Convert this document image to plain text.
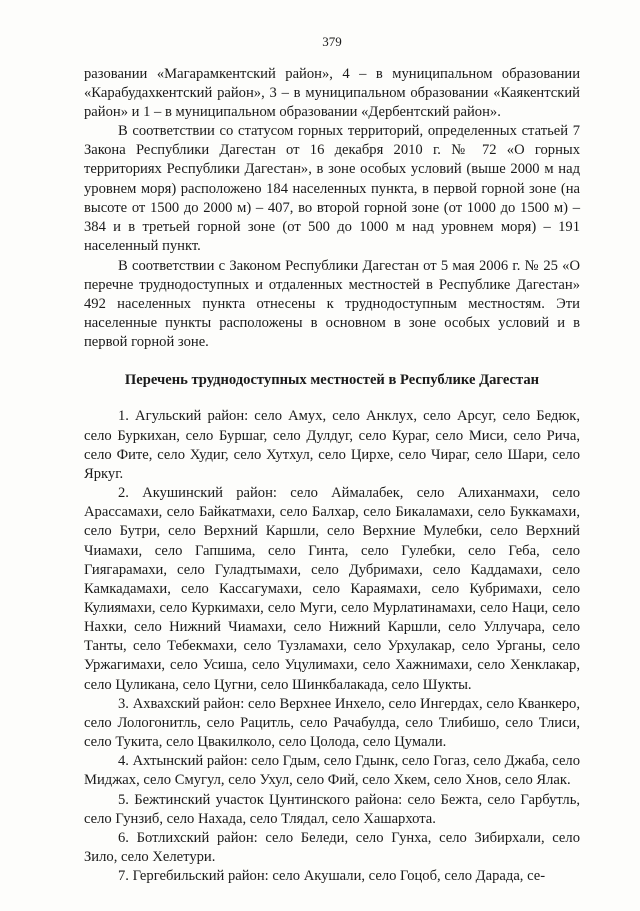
379

разовании «Магарамкентский район», 4 – в муниципальном образовании «Карабудахкентский район», 3 – в муниципальном образовании «Каякентский район» и 1 – в муниципальном образовании «Дербентский район».

В соответствии со статусом горных территорий, определенных статьей 7 Закона Республики Дагестан от 16 декабря 2010 г. № 72 «О горных территориях Республики Дагестан», в зоне особых условий (выше 2000 м над уровнем моря) расположено 184 населенных пункта, в первой горной зоне (на высоте от 1500 до 2000 м) – 407, во второй горной зоне (от 1000 до 1500 м) – 384 и в третьей горной зоне (от 500 до 1000 м над уровнем моря) – 191 населенный пункт.

В соответствии с Законом Республики Дагестан от 5 мая 2006 г. № 25 «О перечне труднодоступных и отдаленных местностей в Республике Дагестан» 492 населенных пункта отнесены к труднодоступным местностям. Эти населенные пункты расположены в основном в зоне особых условий и в первой горной зоне.

Перечень труднодоступных местностей в Республике Дагестан

1. Агульский район: село Амух, село Анклух, село Арсуг, село Бедюк, село Буркихан, село Буршаг, село Дулдуг, село Кураг, село Миси, село Рича, село Фите, село Худиг, село Хутхул, село Цирхе, село Чираг, село Шари, село Яркуг.

2. Акушинский район: село Аймалабек, село Алиханмахи, село Арассамахи, село Байкатмахи, село Балхар, село Бикаламахи, село Буккамахи, село Бутри, село Верхний Каршли, село Верхние Мулебки, село Верхний Чиамахи, село Гапшима, село Гинта, село Гулебки, село Геба, село Гиягарамахи, село Гуладтымахи, село Дубримахи, село Каддамахи, село Камкадамахи, село Кассагумахи, село Караямахи, село Кубримахи, село Кулиямахи, село Куркимахи, село Муги, село Мурлатинамахи, село Наци, село Нахки, село Нижний Чиамахи, село Нижний Каршли, село Уллучара, село Танты, село Тебекмахи, село Тузламахи, село Урхулакар, село Урганы, село Уржагимахи, село Усиша, село Уцулимахи, село Хажнимахи, село Хенклакар, село Цуликана, село Цугни, село Шинкбалакада, село Шукты.

3. Ахвахский район: село Верхнее Инхело, село Ингердах, село Кванкеро, село Лологонитль, село Рацитль, село Рачабулда, село Тлибишо, село Тлиси, село Тукита, село Цвакилколо, село Цолода, село Цумали.

4. Ахтынский район: село Гдым, село Гдынк, село Гогаз, село Джаба, село Миджах, село Смугул, село Ухул, село Фий, село Хкем, село Хнов, село Ялак.

5. Бежтинский участок Цунтинского района: село Бежта, село Гарбутль, село Гунзиб, село Нахада, село Тлядал, село Хашархота.

6. Ботлихский район: село Беледи, село Гунха, село Зибирхали, село Зило, село Хелетури.

7. Гергебильский район: село Акушали, село Гоцоб, село Дарада, се-
